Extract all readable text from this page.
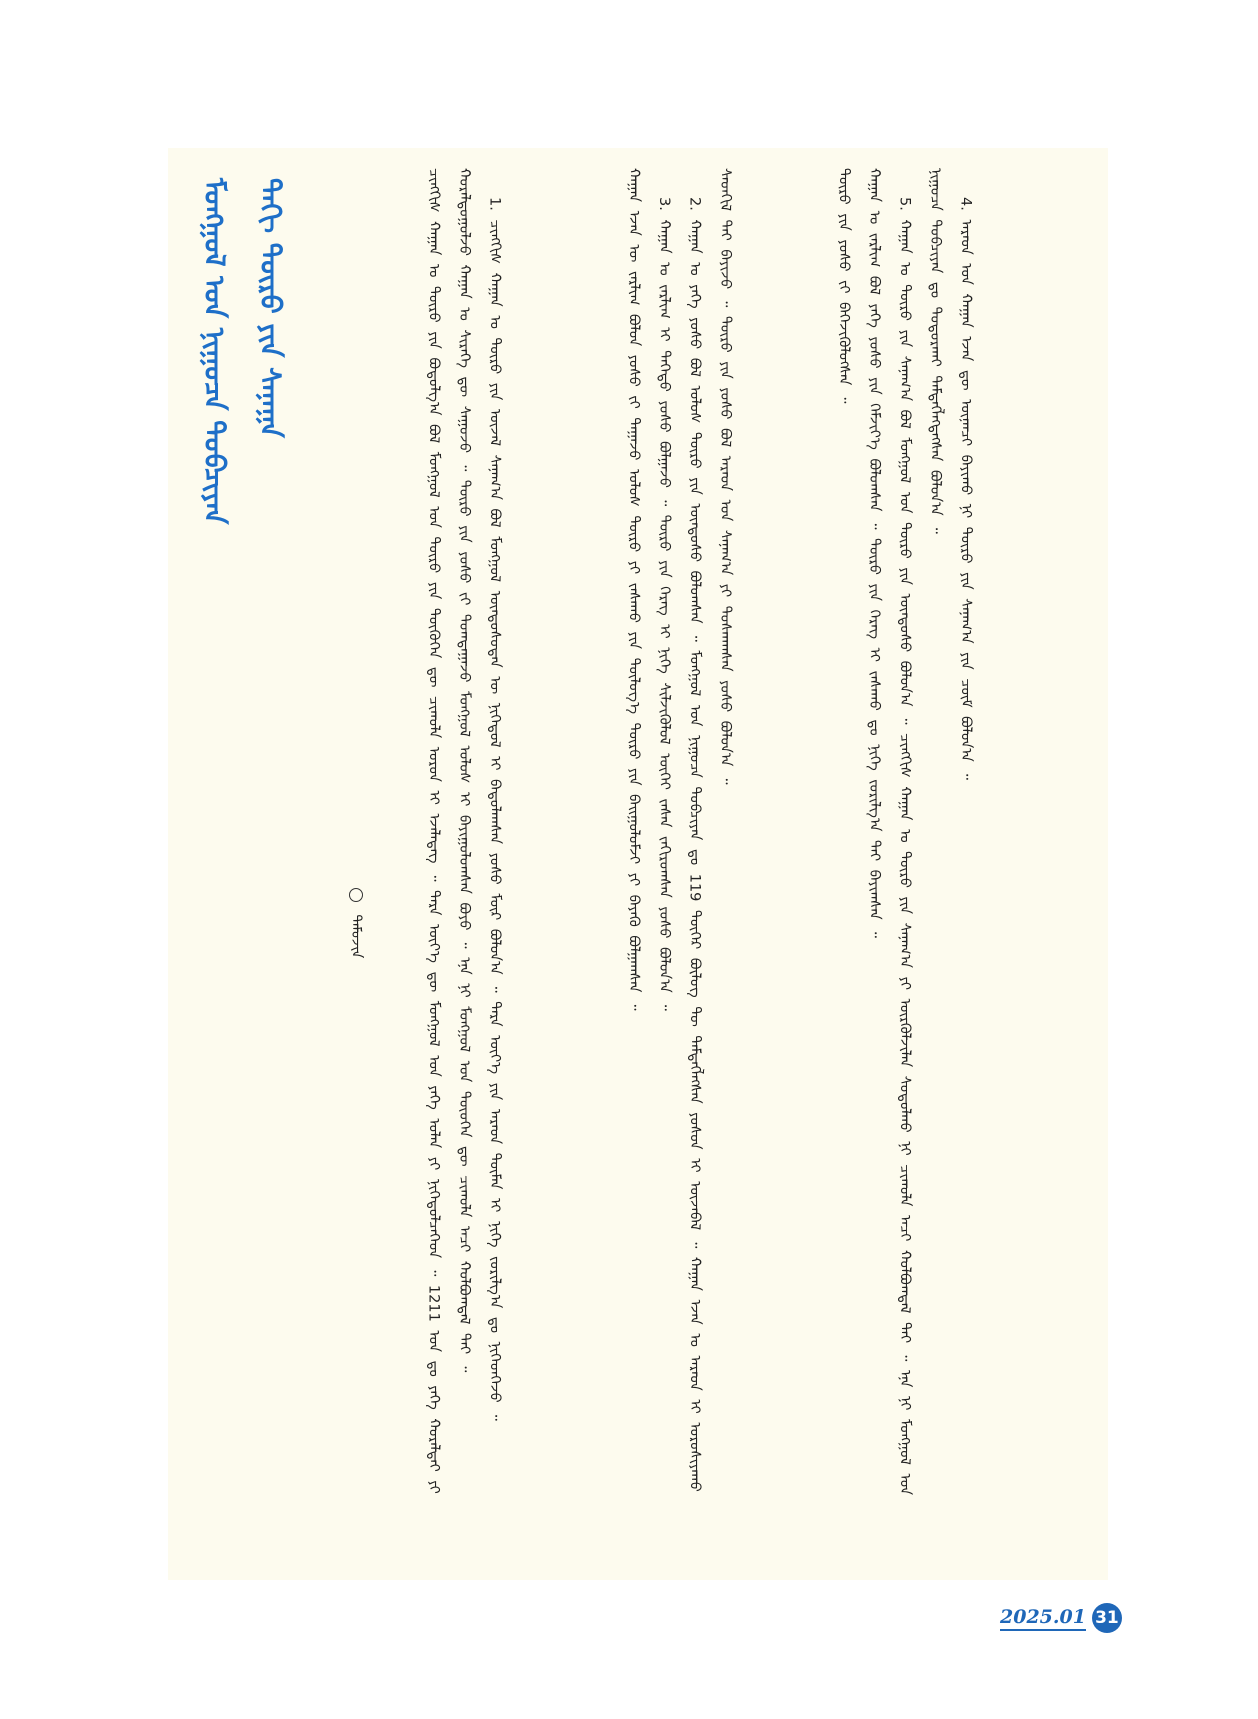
ᠮᠣᠩᠭᠣᠯ ᠤᠨ ᠨᠢᠭᠤᠴᠠ ᠲᠣᠪᠴᠢᠶᠠᠨ ᠳᠡᠬᠢ ᠲᠥᠷᠥ ᠶᠢᠨ ᠰᠠᠨᠠᠭᠠ
ᠲᠡᠮᠦᠵᠢᠨ	ᠴᠢᠩᠭᠢᠰ ᠬᠠᠭᠠᠨ ᠤ ᠲᠥᠷᠥ ᠶᠢᠨ ᠪᠣᠳᠣᠯᠭ᠎ᠠ ᠪᠣᠯ ᠮᠣᠩᠭᠣᠯ ᠤᠨ ᠲᠥᠷᠥ ᠶᠢᠨ ᠲᠦᠭᠦᠬᠡᠨ ᠳᠦ ᠴᠢᠬᠤᠯᠠ ᠤᠷᠤᠨ ᠢ ᠡᠵᠡᠯᠡᠳᠡᠭ ᠃ ᠲᠡᠷᠡ ᠦᠶ᠎ᠡ ᠳᠦ ᠮᠣᠩᠭᠣᠯ ᠤᠨ ᠶᠡᠬᠡ ᠣᠯᠠᠨ ᠶᠢ ᠨᠢᠭᠡᠳᠦᠯᠴᠡᠭᠡᠳ ᠃ 1211 ᠣᠨ ᠳᠤ ᠶᠡᠬᠡ ᠬᠤᠷᠠᠯᠳᠠᠢ ᠶᠢ ᠬᠤᠷᠠᠯᠳᠤᠭᠤᠯᠵᠤ ᠬᠠᠭᠠᠨ ᠤ ᠰᠢᠷᠡᠭᠡ ᠳᠦ ᠰᠠᠭᠤᠵᠤ ᠃ ᠲᠥᠷᠥ ᠶᠢᠨ ᠶᠣᠰᠣ ᠵᠢ ᠲᠣᠭᠲᠠᠭᠠᠵᠤ ᠮᠣᠩᠭᠣᠯ ᠤᠯᠤᠰ ᠢ ᠪᠠᠶᠢᠭᠤᠯᠤᠭᠰᠠᠨ ᠪᠤᠶᠤ ᠃ ᠡᠨᠡ ᠨᠢ ᠮᠣᠩᠭᠣᠯ ᠤᠨ ᠲᠦᠦᠬᠡᠨ ᠳᠦ ᠴᠢᠬᠤᠯᠠ ᠠᠴᠢ ᠬᠣᠯᠪᠣᠭᠳᠠᠯ ᠲᠠᠢ ᠃	1. ᠴᠢᠩᠭᠢᠰ ᠬᠠᠭᠠᠨ ᠤ ᠲᠥᠷᠥ ᠶᠢᠨ ᠦᠵᠡᠯ ᠰᠠᠨᠠᠭ᠎ᠠ ᠪᠣᠯ ᠮᠣᠩᠭᠣᠯ ᠦᠨᠳᠦᠰᠦᠲᠡᠨ ᠦ ᠨᠢᠭᠡᠳᠦᠯ ᠢ ᠪᠠᠲᠤᠯᠠᠭᠰᠠᠨ ᠶᠣᠰᠣ ᠮᠥᠷ ᠪᠣᠯᠤᠨ᠎ᠠ ᠃ ᠲᠡᠷᠡ ᠦᠶ᠎ᠡ ᠶᠢᠨ ᠠᠷᠠᠳ ᠲᠦᠮᠡᠨ ᠢ ᠨᠢᠭᠡ ᠵᠣᠷᠢᠯᠭ᠎ᠠ ᠳᠤ ᠨᠢᠭᠡᠳᠬᠡᠵᠦ ᠃	ᠬᠠᠭᠠᠨ ᠡᠵᠡᠨ ᠦ ᠵᠠᠷᠯᠢᠭ ᠪᠣᠯᠤᠨ ᠶᠣᠰᠣ ᠵᠢ ᠳᠠᠭᠠᠵᠤ ᠤᠯᠤᠰ ᠲᠥᠷᠥ ᠶᠢ ᠵᠠᠰᠠᠬᠤ ᠶᠢᠨ ᠲᠥᠯᠥᠭ᠎ᠡ ᠲᠥᠷᠥ ᠶᠢᠨ ᠪᠠᠢᠭᠤᠯᠤᠮᠵᠢ ᠶᠢ ᠪᠡᠶᠡᠬᠦ ᠪᠣᠯᠭᠠᠭᠰᠠᠨ ᠃	3. ᠬᠠᠭᠠᠨ ᠤ ᠵᠠᠷᠯᠢᠭ ᠢ ᠳᠡᠭᠡᠳᠦ ᠶᠣᠰᠣ ᠪᠣᠯᠭᠠᠵᠤ ᠃ ᠲᠥᠷᠥ ᠶᠢᠨ ᠬᠡᠷᠡᠭ ᠢ ᠨᠢᠭᠡ ᠰᠢᠯᠵᠢᠭᠦᠯᠦᠯ ᠦᠭᠡᠢ ᠵᠠᠰᠠᠨ ᠵᠠᠬᠢᠷᠤᠭᠰᠠᠨ ᠶᠣᠰᠣ ᠪᠣᠯᠤᠨ᠎ᠠ ᠃	2. ᠬᠠᠭᠠᠨ ᠤ ᠶᠡᠬᠡ ᠶᠣᠰᠣ ᠪᠣᠯ ᠤᠯᠤᠰ ᠲᠥᠷᠥ ᠶᠢᠨ ᠦᠨᠳᠦᠰᠦ ᠪᠣᠯᠤᠭᠰᠠᠨ ᠃ ᠮᠣᠩᠭᠣᠯ ᠤᠨ ᠨᠢᠭᠤᠴᠠ ᠲᠣᠪᠴᠢᠶᠠᠨ ᠳᠤ 119 ᠳᠦᠭᠡᠷ ᠪᠦᠯᠦᠭ ᠲᠦ ᠲᠡᠮᠳᠡᠭᠯᠡᠭᠰᠡᠨ ᠶᠣᠰᠣᠨ ᠢ ᠦᠵᠡᠪᠡᠯ ᠃ ᠬᠠᠭᠠᠨ ᠡᠵᠡᠨ ᠤ ᠠᠷᠠᠳ ᠢ ᠤᠷᠤᠰᠢᠶᠠᠬᠤ ᠰᠡᠳᠬᠢᠯ ᠲᠠᠢ ᠪᠠᠶᠢᠵᠤ ᠃ ᠲᠥᠷᠥ ᠶᠢᠨ ᠶᠣᠰᠣ ᠪᠣᠯ ᠠᠷᠠᠳ ᠤᠨ ᠰᠠᠨᠠᠭ᠎ᠠ ᠶᠢ ᠲᠤᠰᠬᠠᠭᠰᠠᠨ ᠶᠣᠰᠣ ᠪᠣᠯᠤᠨ᠎ᠠ ᠃	ᠲᠥᠷᠥ ᠶᠢᠨ ᠶᠣᠰᠣ ᠵᠢ ᠪᠡᠬᠡᠵᠢᠭᠦᠯᠦᠭᠰᠡᠨ ᠃	ᠬᠠᠭᠠᠨ ᠤ ᠵᠠᠷᠯᠢᠭ ᠪᠣᠯ ᠶᠡᠬᠡ ᠶᠣᠰᠣ ᠶᠢᠨ ᠬᠡᠮᠵᠢᠶ᠎ᠡ ᠪᠣᠯᠤᠭᠰᠠᠨ ᠃ ᠲᠥᠷᠥ ᠶᠢᠨ ᠬᠡᠷᠡᠭ ᠢ ᠵᠠᠰᠠᠬᠤ ᠳᠤ ᠨᠢᠭᠡ ᠵᠣᠷᠢᠯᠭ᠎ᠠ ᠲᠠᠢ ᠪᠠᠶᠢᠭᠰᠠᠨ ᠃	5. ᠬᠠᠭᠠᠨ ᠤ ᠲᠥᠷᠥ ᠶᠢᠨ ᠰᠠᠨᠠᠭ᠎ᠠ ᠪᠣᠯ ᠮᠣᠩᠭᠣᠯ ᠤᠨ ᠲᠥᠷᠥ ᠶᠢᠨ ᠦᠨᠳᠦᠰᠦ ᠪᠣᠯᠤᠨ᠎ᠠ ᠃ ᠴᠢᠩᠭᠢᠰ ᠬᠠᠭᠠᠨ ᠤ ᠲᠥᠷᠥ ᠶᠢᠨ ᠰᠠᠨᠠᠭ᠎ᠠ ᠶᠢ ᠦᠷᠭᠦᠯᠵᠢᠯᠡᠨ ᠰᠤᠳᠤᠯᠬᠤ ᠨᠢ ᠴᠢᠬᠤᠯᠠ ᠠᠴᠢ ᠬᠣᠯᠪᠣᠭᠳᠠᠯ ᠲᠠᠢ ᠃ ᠡᠨᠡ ᠨᠢ ᠮᠣᠩᠭᠣᠯ ᠤᠨ ᠨᠢᠭᠤᠴᠠ ᠲᠣᠪᠴᠢᠶᠠᠨ ᠳᠤ ᠲᠤᠳᠤᠷᠬᠠᠢ ᠲᠡᠮᠳᠡᠭᠯᠡᠭᠳᠡᠭᠰᠡᠨ ᠪᠣᠯᠤᠨ᠎ᠠ ᠃	4. ᠠᠷᠠᠳ ᠤᠨ ᠬᠠᠭᠠᠨ ᠡᠵᠡᠨ ᠳᠦ ᠦᠨᠡᠨᠴᠢ ᠪᠠᠶᠢᠬᠤ ᠨᠢ ᠲᠥᠷᠥ ᠶᠢᠨ ᠰᠠᠨᠠᠭ᠎ᠠ ᠶᠢᠨ ᠴᠥᠮ ᠪᠣᠯᠤᠨ᠎ᠠ ᠃
2025.01 31
